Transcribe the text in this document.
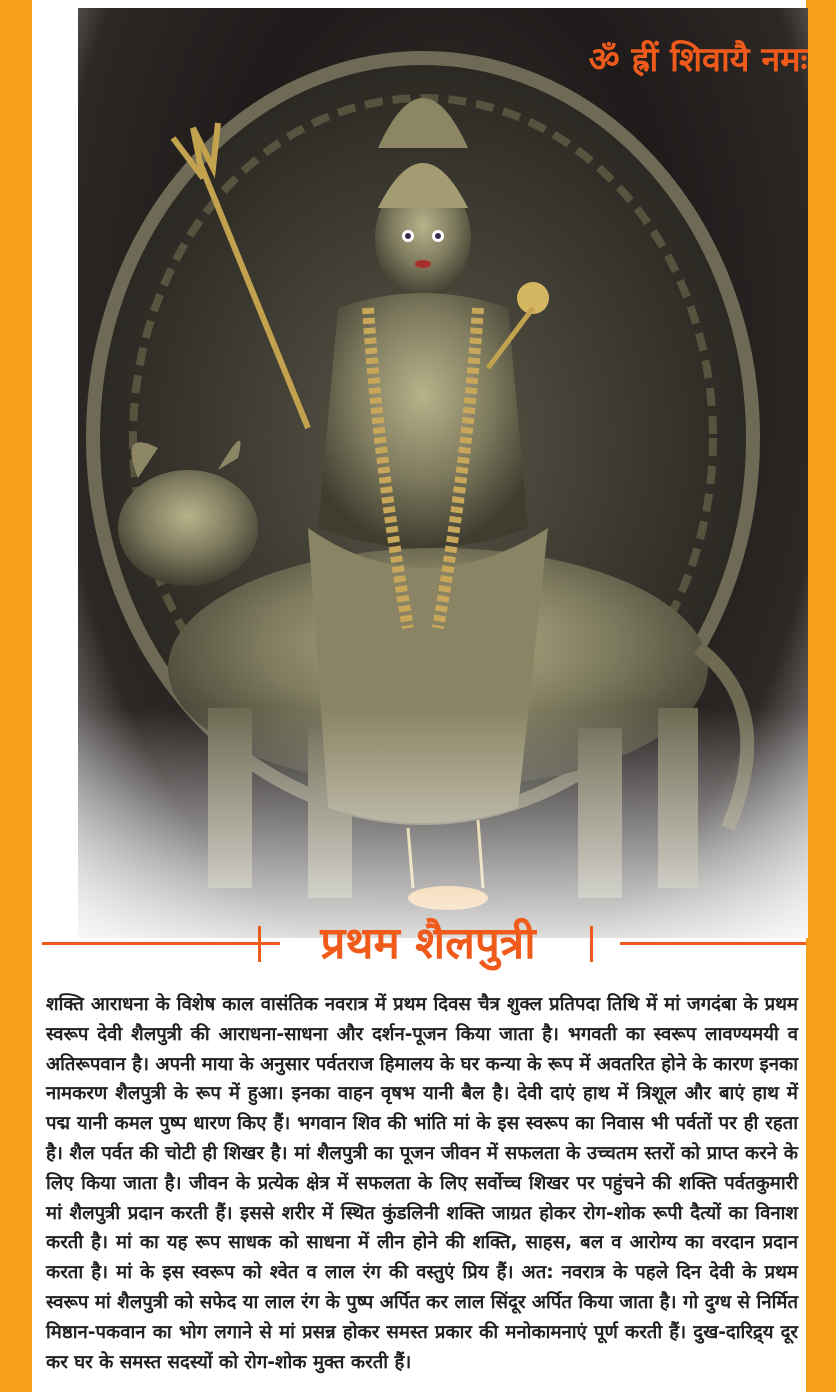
ॐ ह्रीं शिवायै नमः
प्रथम शैलपुत्री
शक्ति आराधना के विशेष काल वासंतिक नवरात्र में प्रथम दिवस चैत्र शुक्ल प्रतिपदा तिथि में मां जगदंबा के प्रथम स्वरूप देवी शैलपुत्री की आराधना-साधना और दर्शन-पूजन किया जाता है। भगवती का स्वरूप लावण्यमयी व अतिरूपवान है। अपनी माया के अनुसार पर्वतराज हिमालय के घर कन्या के रूप में अवतरित होने के कारण इनका नामकरण शैलपुत्री के रूप में हुआ। इनका वाहन वृषभ यानी बैल है। देवी दाएं हाथ में त्रिशूल और बाएं हाथ में पद्म यानी कमल पुष्प धारण किए हैं। भगवान शिव की भांति मां के इस स्वरूप का निवास भी पर्वतों पर ही रहता है। शैल पर्वत की चोटी ही शिखर है। मां शैलपुत्री का पूजन जीवन में सफलता के उच्चतम स्तरों को प्राप्त करने के लिए किया जाता है। जीवन के प्रत्येक क्षेत्र में सफलता के लिए सर्वोच्च शिखर पर पहुंचने की शक्ति पर्वतकुमारी मां शैलपुत्री प्रदान करती हैं। इससे शरीर में स्थित कुंडलिनी शक्ति जाग्रत होकर रोग-शोक रूपी दैत्यों का विनाश करती है। मां का यह रूप साधक को साधना में लीन होने की शक्ति, साहस, बल व आरोग्य का वरदान प्रदान करता है। मां के इस स्वरूप को श्वेत व लाल रंग की वस्तुएं प्रिय हैं। अत: नवरात्र के पहले दिन देवी के प्रथम स्वरूप मां शैलपुत्री को सफेद या लाल रंग के पुष्प अर्पित कर लाल सिंदूर अर्पित किया जाता है। गो दुग्ध से निर्मित मिष्ठान-पकवान का भोग लगाने से मां प्रसन्न होकर समस्त प्रकार की मनोकामनाएं पूर्ण करती हैं। दुख-दारिद्र्य दूर कर घर के समस्त सदस्यों को रोग-शोक मुक्त करती हैं।
